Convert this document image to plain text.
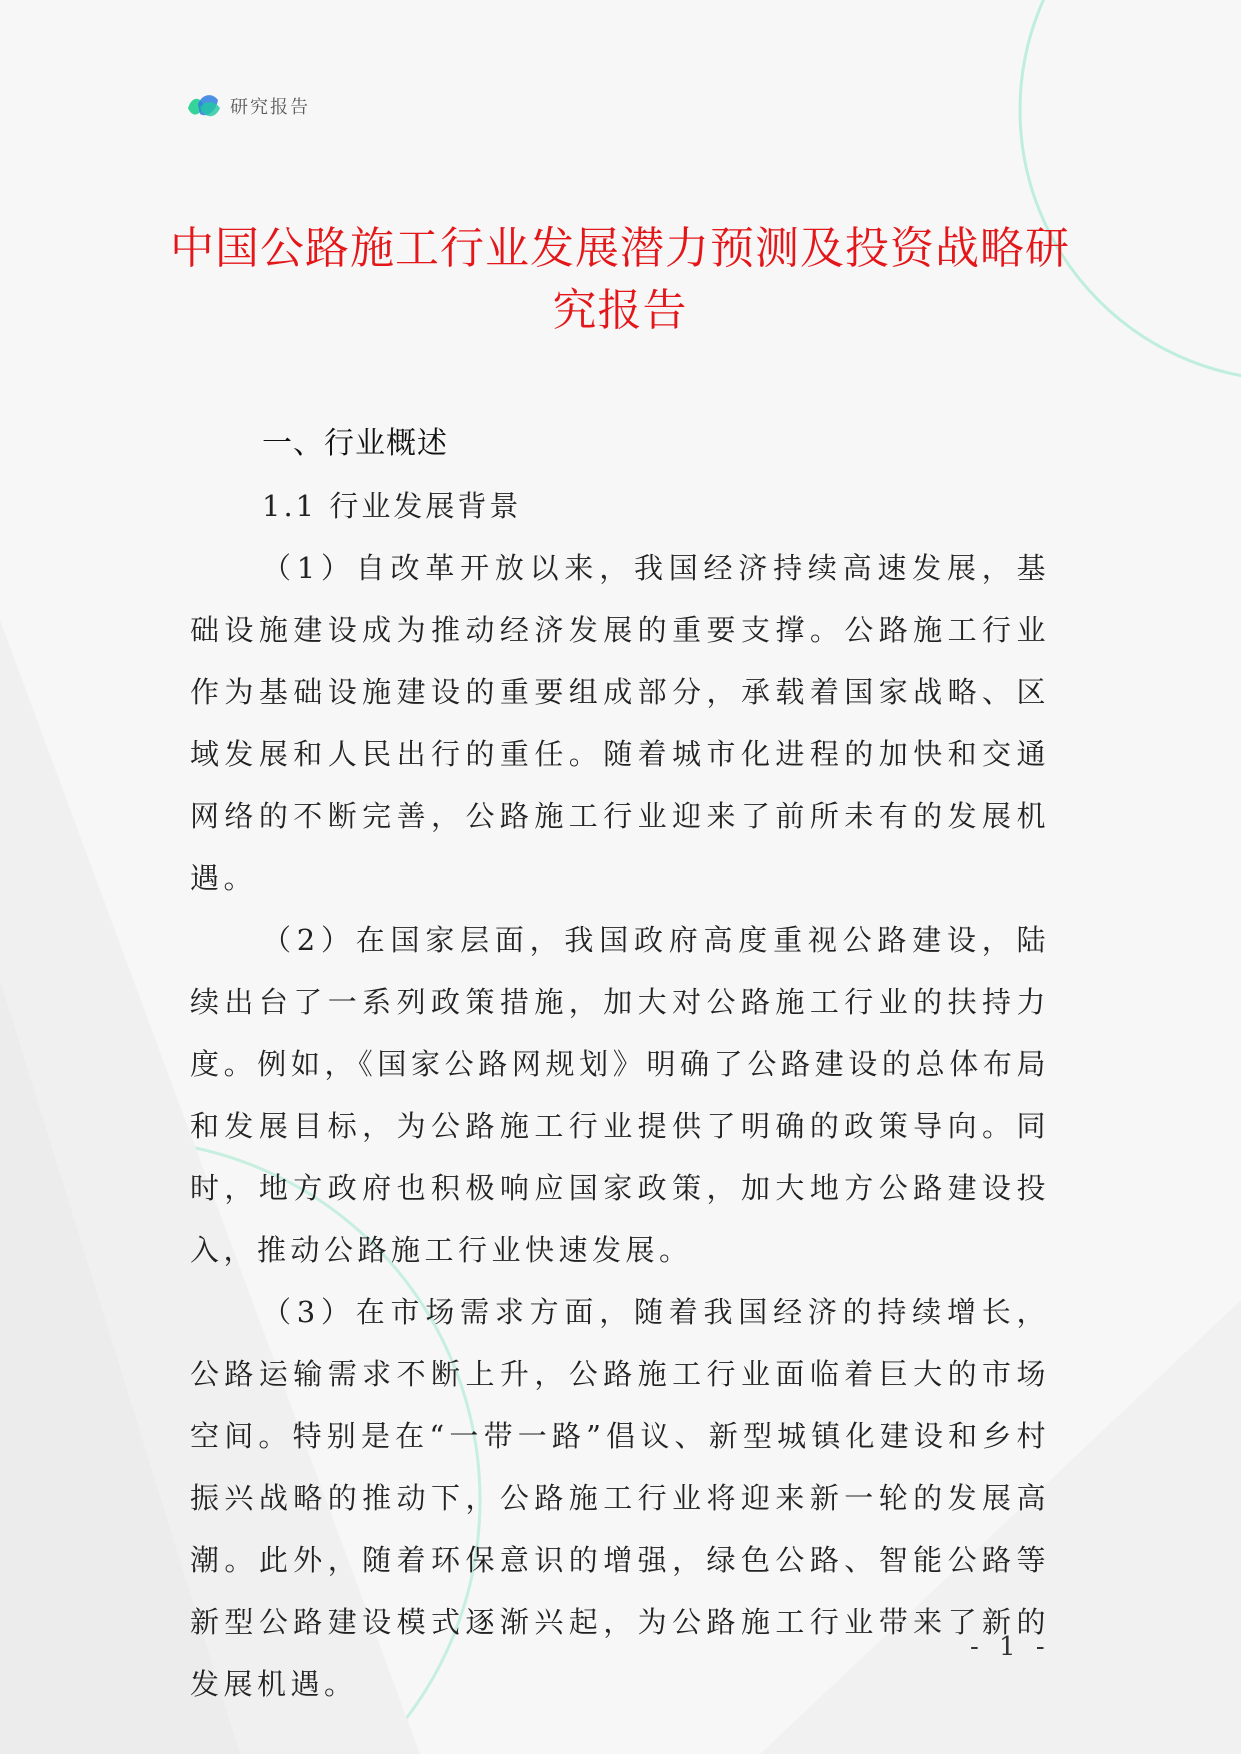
研究报告
中国公路施工行业发展潜力预测及投资战略研究报告
一、行业概述
1.1 行业发展背景

（1）自改革开放以来，我国经济持续高速发展，基础设施建设成为推动经济发展的重要支撑。公路施工行业作为基础设施建设的重要组成部分，承载着国家战略、区域发展和人民出行的重任。随着城市化进程的加快和交通网络的不断完善，公路施工行业迎来了前所未有的发展机遇。

（2）在国家层面，我国政府高度重视公路建设，陆续出台了一系列政策措施，加大对公路施工行业的扶持力度。例如，《国家公路网规划》明确了公路建设的总体布局和发展目标，为公路施工行业提供了明确的政策导向。同时，地方政府也积极响应国家政策，加大地方公路建设投入，推动公路施工行业快速发展。

（3）在市场需求方面，随着我国经济的持续增长，公路运输需求不断上升，公路施工行业面临着巨大的市场空间。特别是在“一带一路”倡议、新型城镇化建设和乡村振兴战略的推动下，公路施工行业将迎来新一轮的发展高潮。此外，随着环保意识的增强，绿色公路、智能公路等新型公路建设模式逐渐兴起，为公路施工行业带来了新的发展机遇。

- 1 -
